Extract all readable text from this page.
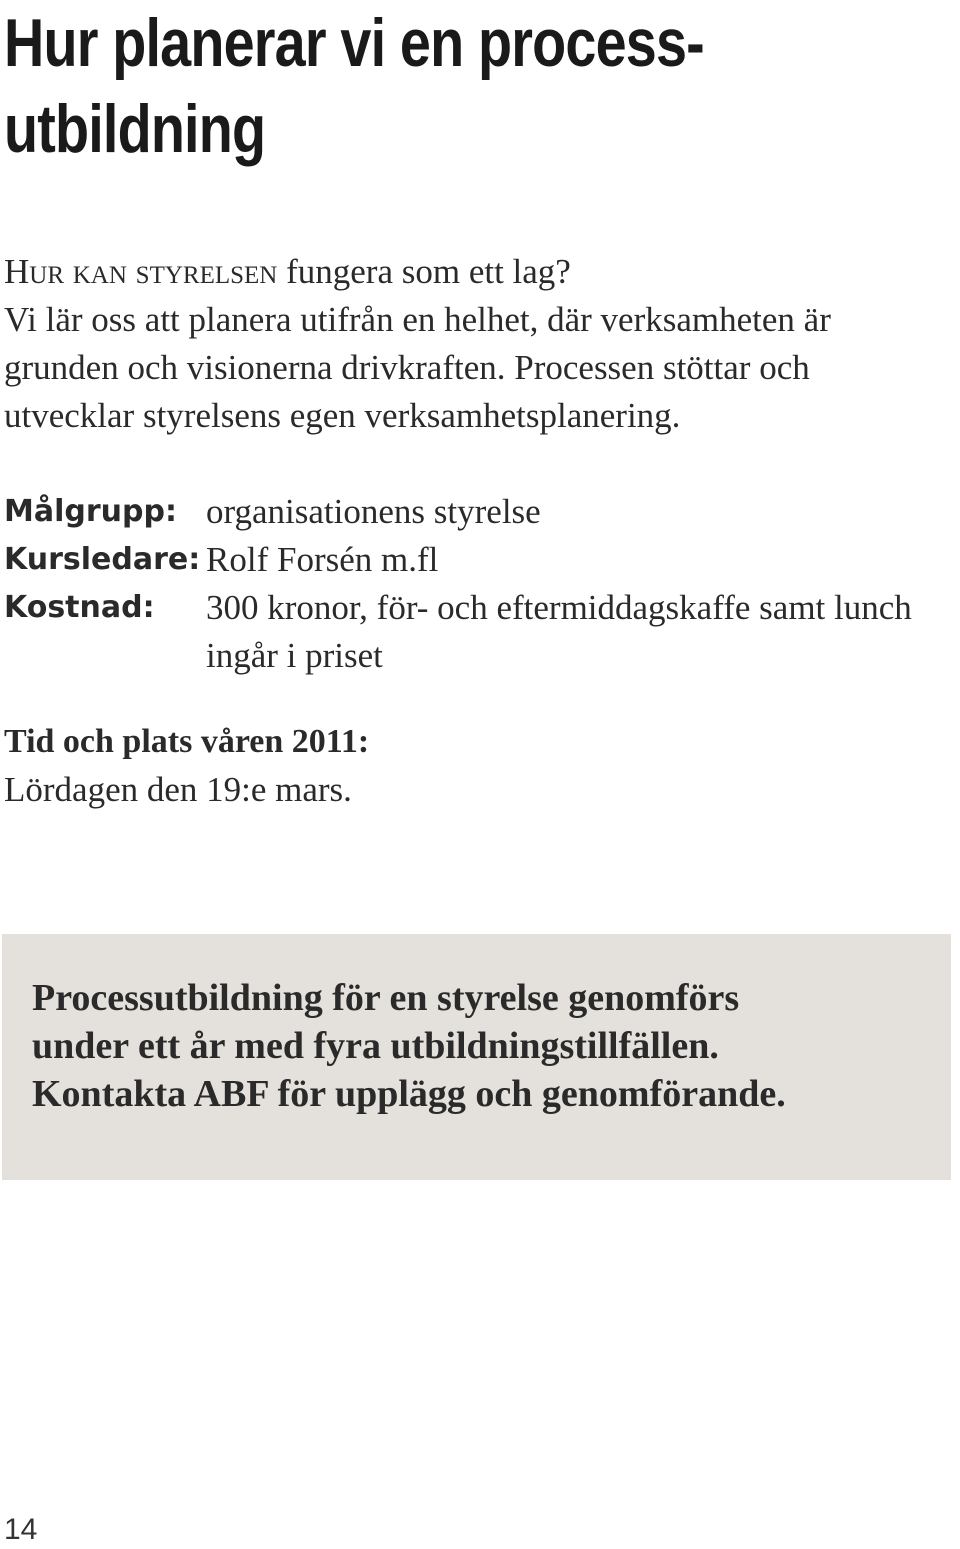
Hur planerar vi en process-
utbildning

Hur kan styrelsen fungera som ett lag?
Vi lär oss att planera utifrån en helhet, där verksamheten är grunden och visionerna drivkraften. Processen stöttar och utvecklar styrelsens egen verksamhetsplanering.

Målgrupp: organisationens styrelse
Kursledare: Rolf Forsén m.fl
Kostnad:	300 kronor, för- och eftermiddagskaffe samt lunch ingår i priset
Tid och plats våren 2011:
Lördagen den 19:e mars.
Processutbildning för en styrelse genomförs
under ett år med fyra utbildningstillfällen.
Kontakta ABF för upplägg och genomförande.
14
